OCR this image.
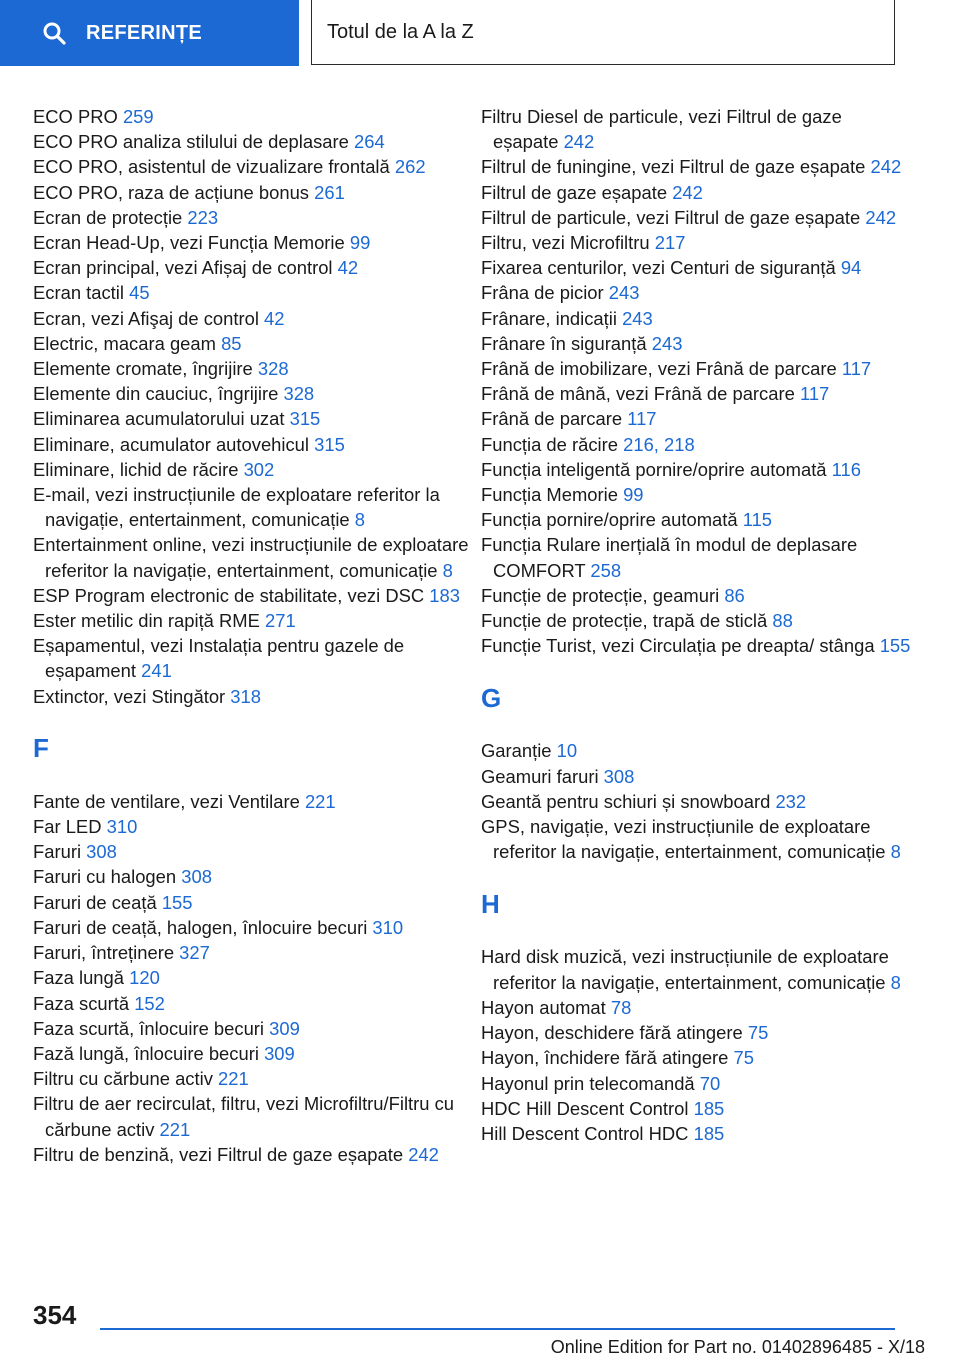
REFERINȚE	Totul de la A la Z

ECO PRO 259

ECO PRO analiza stilului de deplasare 264

ECO PRO, asistentul de vizualizare frontală 262

ECO PRO, raza de acțiune bonus 261

Ecran de protecție 223

Ecran Head-Up, vezi Funcția Memorie 99

Ecran principal, vezi Afișaj de control 42

Ecran tactil 45

Ecran, vezi Afişaj de control 42

Electric, macara geam 85

Elemente cromate, îngrijire 328

Elemente din cauciuc, îngrijire 328

Eliminarea acumulatorului uzat 315

Eliminare, acumulator autovehicul 315

Eliminare, lichid de răcire 302

E-mail, vezi instrucțiunile de exploatare referitor la navigație, entertainment, comunicație 8

Entertainment online, vezi instrucțiunile de exploatare referitor la navigație, entertainment, comunicație 8

ESP Program electronic de stabilitate, vezi DSC 183

Ester metilic din rapiță RME 271

Eșapamentul, vezi Instalația pentru gazele de eșapament 241

Extinctor, vezi Stingător 318

F

Fante de ventilare, vezi Ventilare 221

Far LED 310

Faruri 308

Faruri cu halogen 308

Faruri de ceață 155

Faruri de ceață, halogen, înlocuire becuri 310

Faruri, întreținere 327

Faza lungă 120

Faza scurtă 152

Faza scurtă, înlocuire becuri 309

Fază lungă, înlocuire becuri 309

Filtru cu cărbune activ 221

Filtru de aer recirculat, filtru, vezi Microfiltru/Filtru cu cărbune activ 221

Filtru de benzină, vezi Filtrul de gaze eșapate 242

Filtru Diesel de particule, vezi Filtrul de gaze eșapate 242

Filtrul de funingine, vezi Filtrul de gaze eșapate 242

Filtrul de gaze eșapate 242

Filtrul de particule, vezi Filtrul de gaze eșapate 242

Filtru, vezi Microfiltru 217

Fixarea centurilor, vezi Centuri de siguranță 94

Frâna de picior 243

Frânare, indicații 243

Frânare în siguranță 243

Frână de imobilizare, vezi Frână de parcare 117

Frână de mână, vezi Frână de parcare 117

Frână de parcare 117

Funcția de răcire 216, 218

Funcția inteligentă pornire/oprire automată 116

Funcția Memorie 99

Funcția pornire/oprire automată 115

Funcția Rulare inerțială în modul de deplasare COMFORT 258

Funcție de protecție, geamuri 86

Funcție de protecție, trapă de sticlă 88

Funcție Turist, vezi Circulația pe dreapta/ stânga 155

G

Garanție 10

Geamuri faruri 308

Geantă pentru schiuri și snowboard 232

GPS, navigație, vezi instrucțiunile de exploatare referitor la navigație, entertainment, comunicație 8

H

Hard disk muzică, vezi instrucțiunile de exploatare referitor la navigație, entertainment, comunicație 8

Hayon automat 78

Hayon, deschidere fără atingere 75

Hayon, închidere fără atingere 75

Hayonul prin telecomandă 70

HDC Hill Descent Control 185

Hill Descent Control HDC 185

354
Online Edition for Part no. 01402896485 - X/18
